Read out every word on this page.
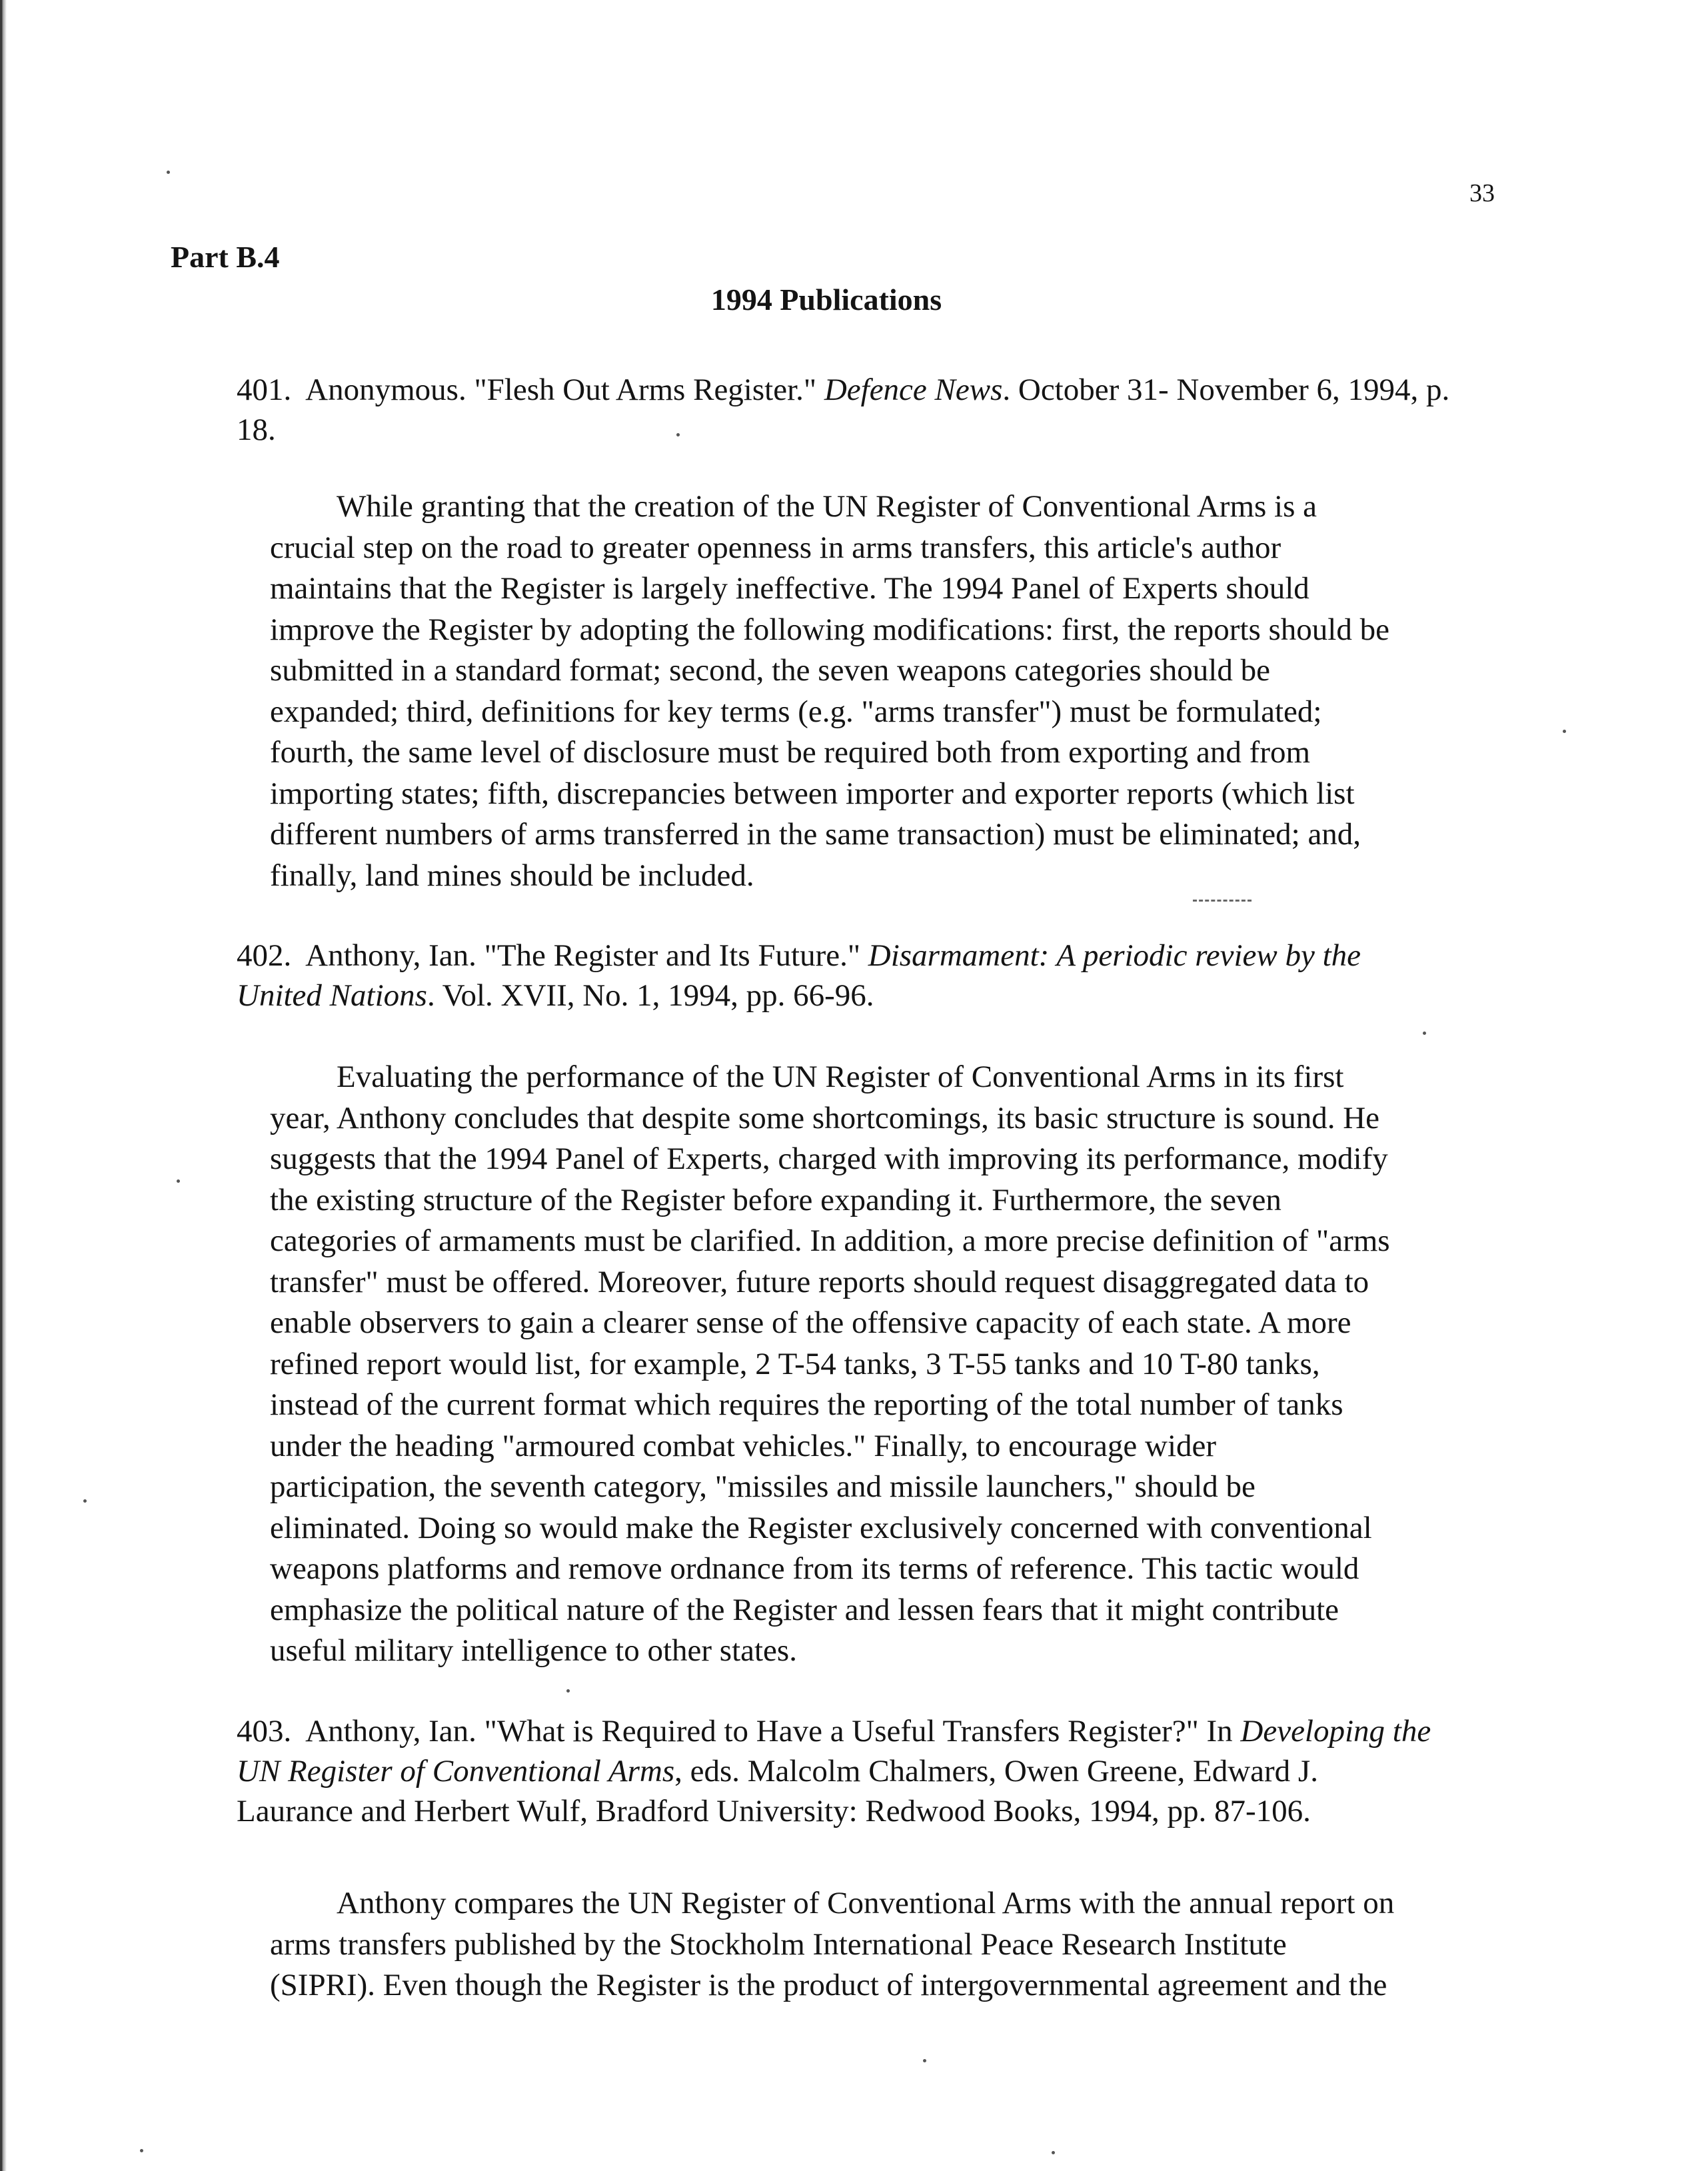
33
Part B.4
1994 Publications
401. Anonymous. "Flesh Out Arms Register." Defence News. October 31- November 6, 1994, p.
18.
While granting that the creation of the UN Register of Conventional Arms is a
crucial step on the road to greater openness in arms transfers, this article's author
maintains that the Register is largely ineffective. The 1994 Panel of Experts should
improve the Register by adopting the following modifications: first, the reports should be
submitted in a standard format; second, the seven weapons categories should be
expanded; third, definitions for key terms (e.g. "arms transfer") must be formulated;
fourth, the same level of disclosure must be required both from exporting and from
importing states; fifth, discrepancies between importer and exporter reports (which list
different numbers of arms transferred in the same transaction) must be eliminated; and,
finally, land mines should be included.
402. Anthony, Ian. "The Register and Its Future." Disarmament: A periodic review by the
United Nations. Vol. XVII, No. 1, 1994, pp. 66-96.
Evaluating the performance of the UN Register of Conventional Arms in its first
year, Anthony concludes that despite some shortcomings, its basic structure is sound. He
suggests that the 1994 Panel of Experts, charged with improving its performance, modify
the existing structure of the Register before expanding it. Furthermore, the seven
categories of armaments must be clarified. In addition, a more precise definition of "arms
transfer" must be offered. Moreover, future reports should request disaggregated data to
enable observers to gain a clearer sense of the offensive capacity of each state. A more
refined report would list, for example, 2 T-54 tanks, 3 T-55 tanks and 10 T-80 tanks,
instead of the current format which requires the reporting of the total number of tanks
under the heading "armoured combat vehicles." Finally, to encourage wider
participation, the seventh category, "missiles and missile launchers," should be
eliminated. Doing so would make the Register exclusively concerned with conventional
weapons platforms and remove ordnance from its terms of reference. This tactic would
emphasize the political nature of the Register and lessen fears that it might contribute
useful military intelligence to other states.
403. Anthony, Ian. "What is Required to Have a Useful Transfers Register?" In Developing the
UN Register of Conventional Arms, eds. Malcolm Chalmers, Owen Greene, Edward J.
Laurance and Herbert Wulf, Bradford University: Redwood Books, 1994, pp. 87-106.
Anthony compares the UN Register of Conventional Arms with the annual report on
arms transfers published by the Stockholm International Peace Research Institute
(SIPRI). Even though the Register is the product of intergovernmental agreement and the
